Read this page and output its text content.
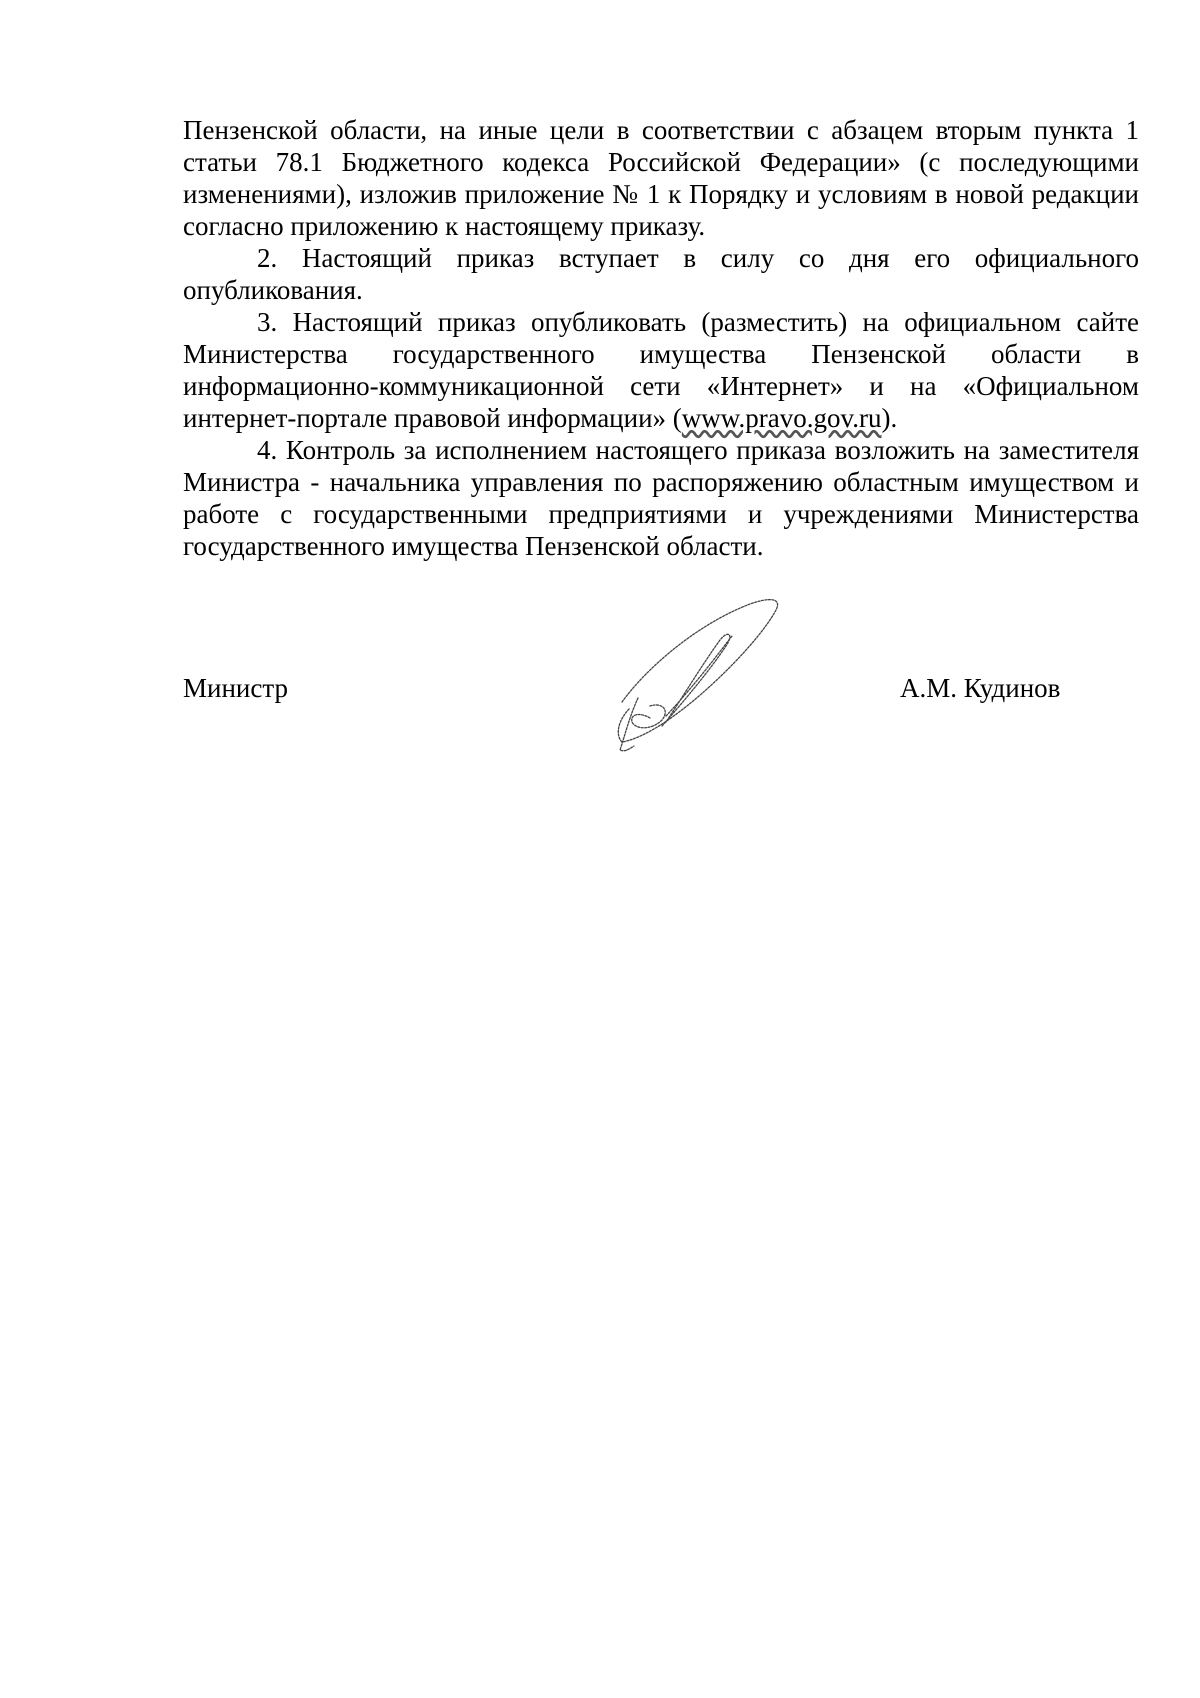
Пензенской области, на иные цели в соответствии с абзацем вторым пункта 1 статьи 78.1 Бюджетного кодекса Российской Федерации» (с последующими изменениями), изложив приложение № 1 к Порядку и условиям в новой редакции согласно приложению к настоящему приказу.

2. Настоящий приказ вступает в силу со дня его официального опубликования.

3. Настоящий приказ опубликовать (разместить) на официальном сайте Министерства государственного имущества Пензенской области в информационно-коммуникационной сети «Интернет» и на «Официальном интернет-портале правовой информации» (www.pravo.gov.ru).

4. Контроль за исполнением настоящего приказа возложить на заместителя Министра - начальника управления по распоряжению областным имуществом и работе с государственными предприятиями и учреждениями Министерства государственного имущества Пензенской области.

Министр	А.М. Кудинов
